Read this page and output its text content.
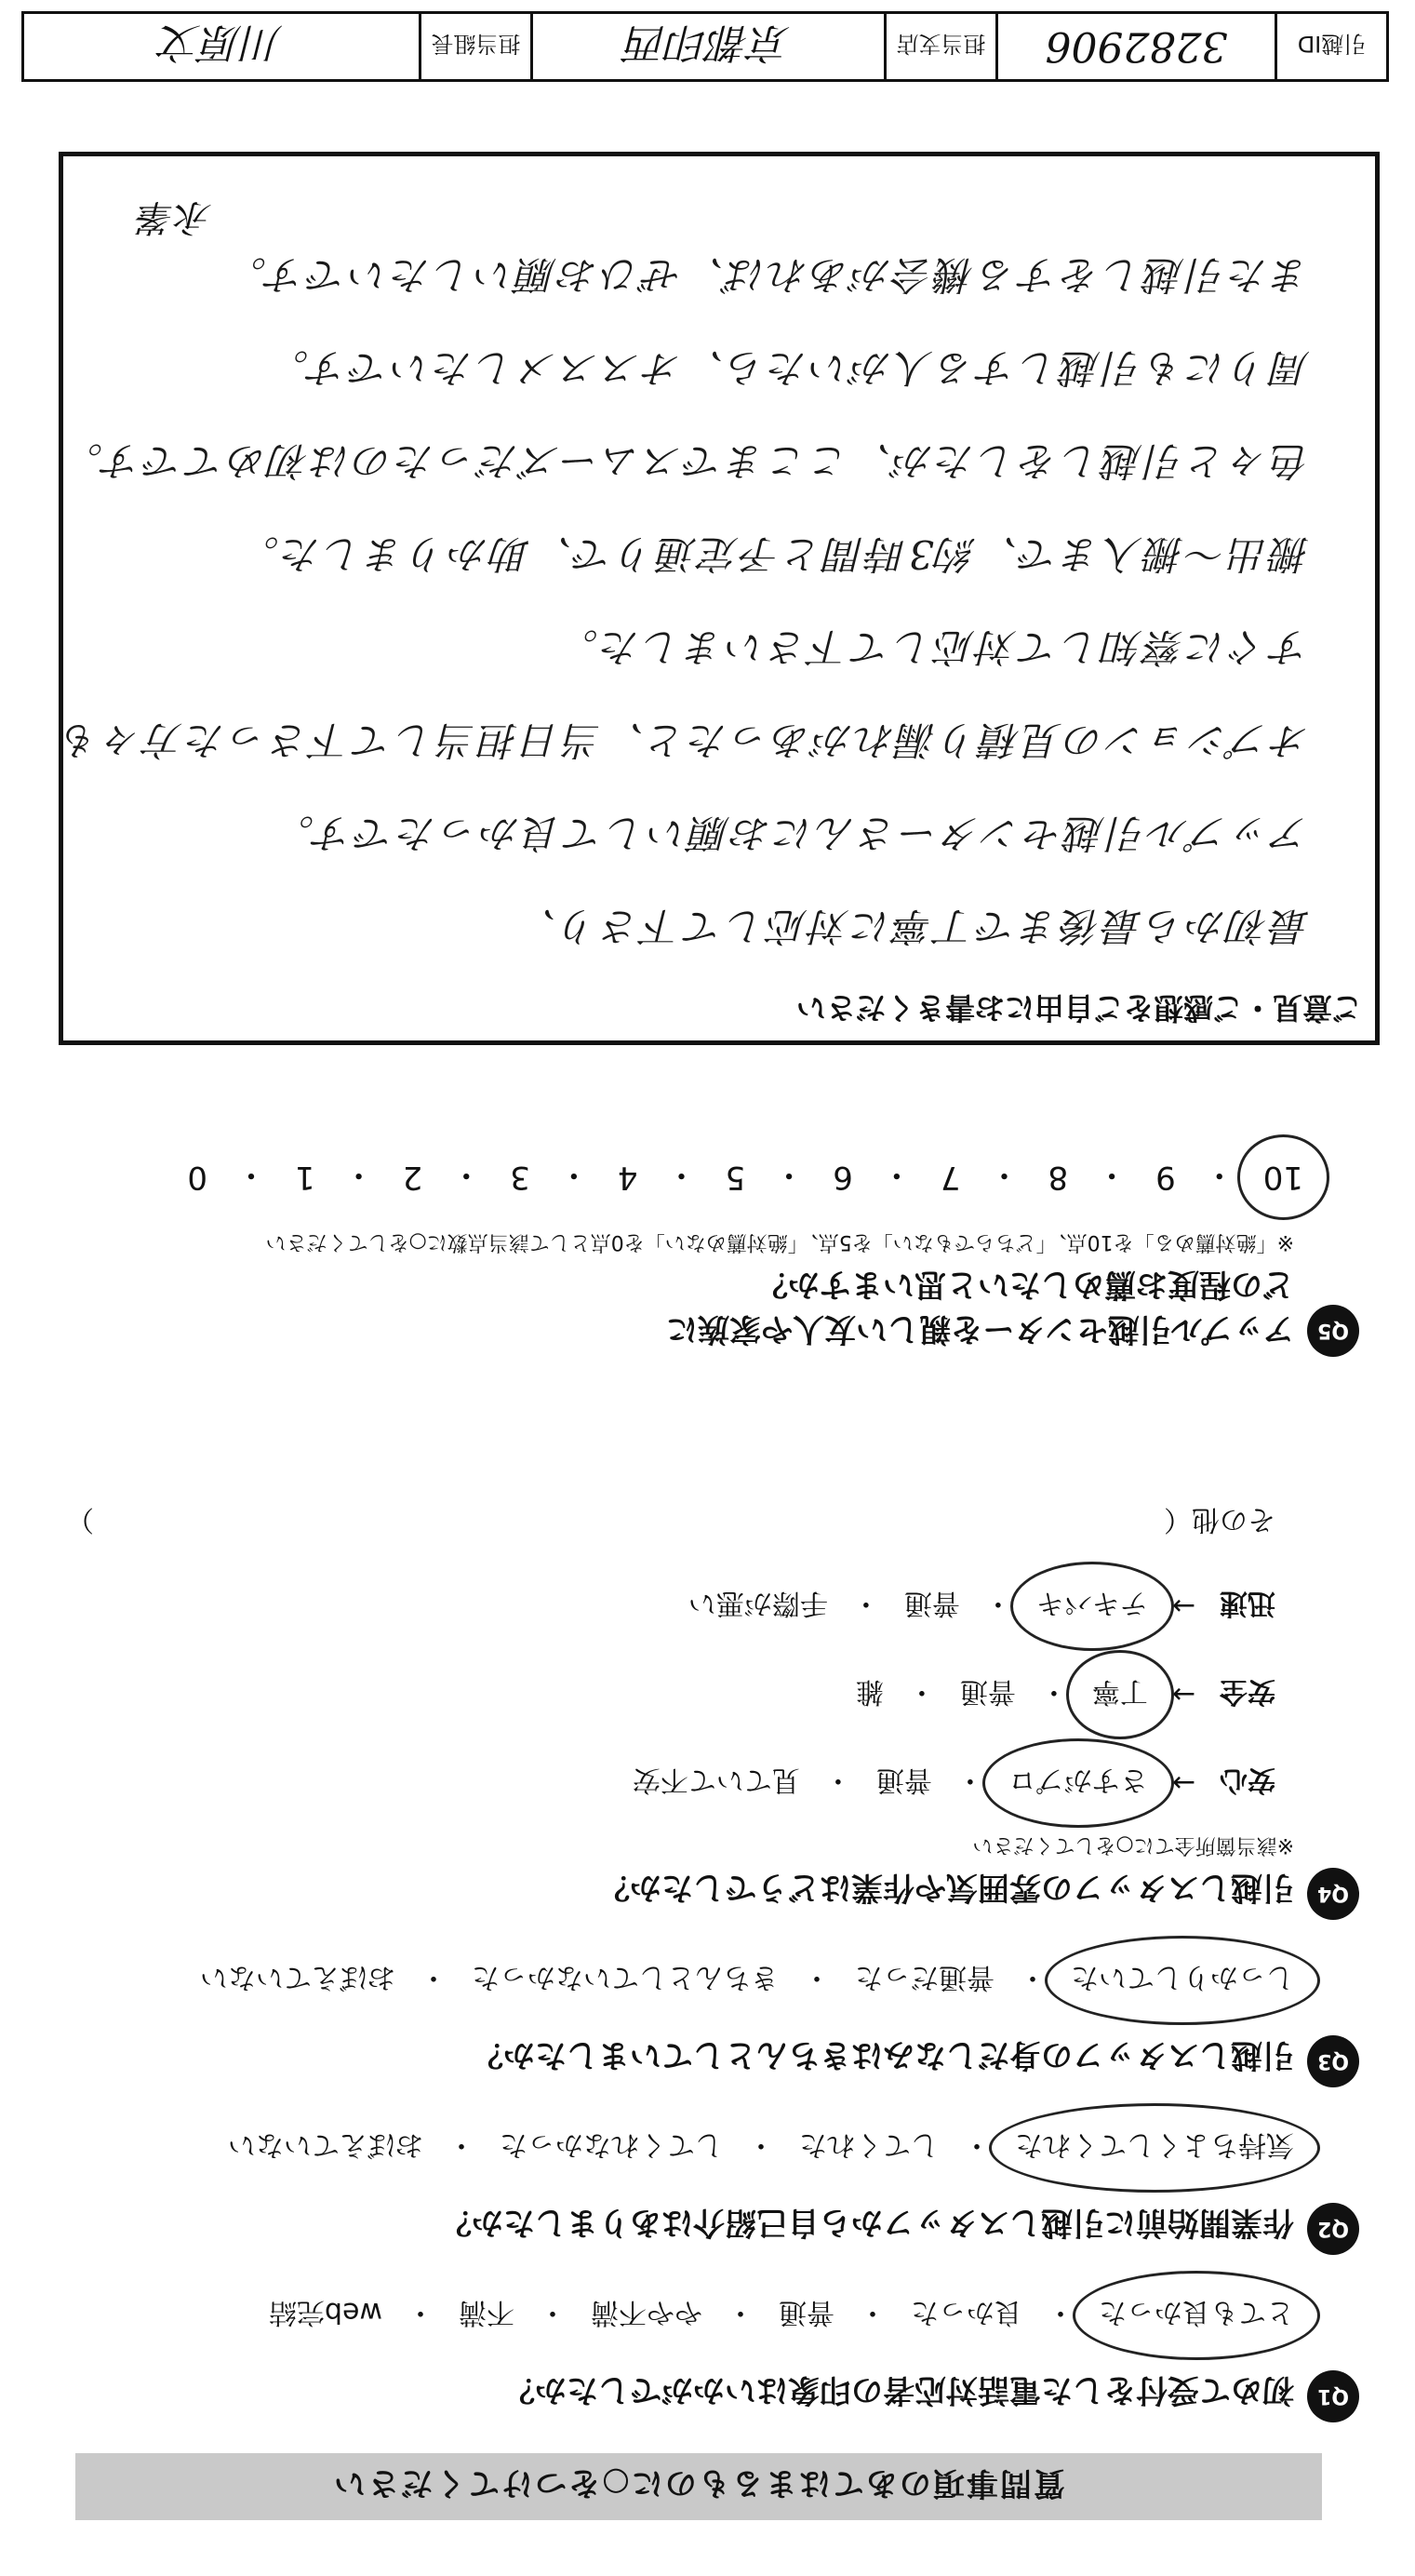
質問事項のあてはまるものに○をつけてください
Q1
初めて受付をした電話対応者の印象はいかがでしたか？
とても良かった
・
良かった
・
普通
・
やや不満
・
不満
・
web完結
Q2
作業開始前に引越しスタッフから自己紹介はありましたか？
気持ちよくしてくれた
・
してくれた
・
してくれなかった
・
おぼえていない
Q3
引越しスタッフの身だしなみはきちんとしていましたか？
しっかりしていた
・
普通だった
・
きちんとしていなかった
・
おぼえていない
Q4
引越しスタッフの雰囲気や作業はどうでしたか？
※該当箇所全てに○をしてください
安心
→
さすがプロ
・
普通
・
見ていて不安
安全
→
丁寧
・
普通
・
雑
迅速
→
テキパキ
・
普通
・
手際が悪い
その他（
）
Q5
アップル引越センターを親しい友人や家族に
どの程度お薦めしたいと思いますか？
※「絶対薦める」を10点、「どちらでもない」を5点、「絶対薦めない」を0点として該当点数に○をしてください
10
・
9
・
8
・
7
・
6
・
5
・
4
・
3
・
2
・
1
・
0
ご意見・ご感想をご自由にお書きください
最初から最後まで丁寧に対応して下さり、
アップル引越センターさんにお願いして良かったです。
オプションの見積り漏れがあったと、当日担当して下さった方々も
すぐに察知して対応して下さいました。
搬出〜搬入まで、約3時間と予定通りで、助かりました。
色々と引越しをしたが、ここまでスムーズだったのは初めてです。
周りにも引越しする人がいたら、オススメしたいです。
また引越しをする機会があれば、ぜひお願いしたいです。
永峯
引越ID
3282906
担当支店
京都印西
担当組長
川原文
